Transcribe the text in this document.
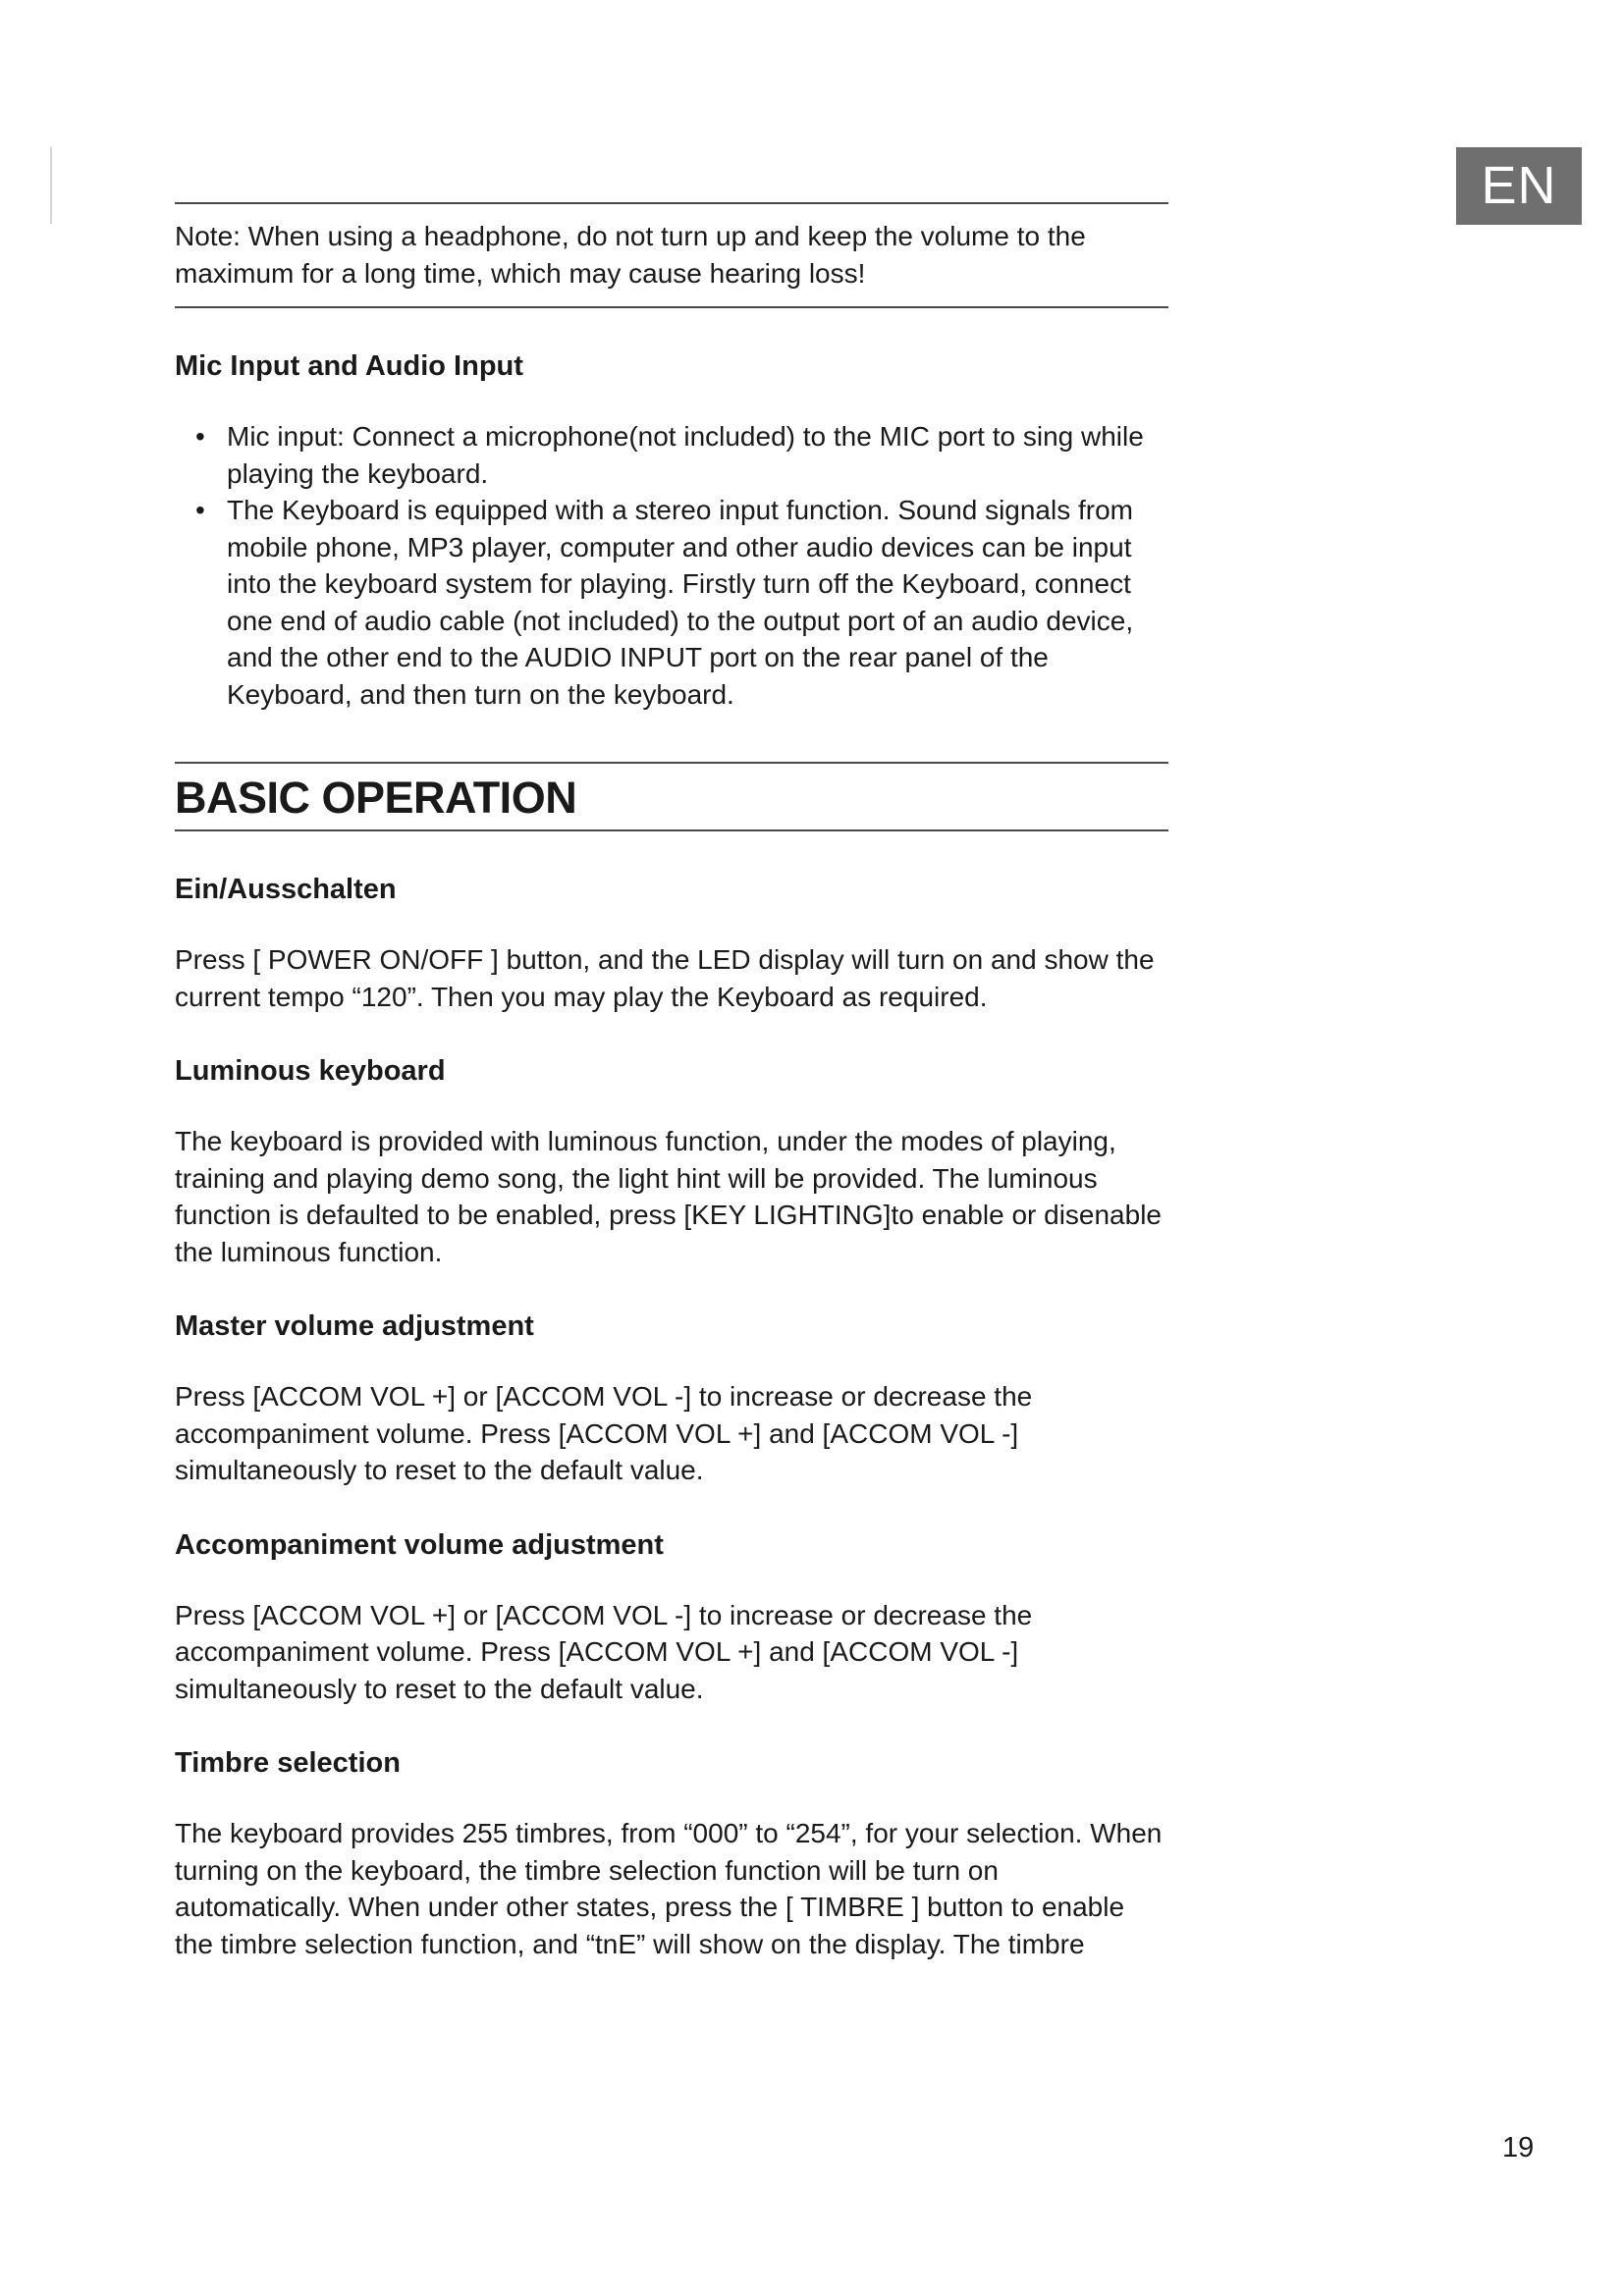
EN
Note: When using a headphone, do not turn up and keep the volume to the maximum for a long time, which may cause hearing loss!
Mic Input and Audio Input
• Mic input: Connect a microphone(not included) to the MIC port to sing while playing the keyboard.
• The Keyboard is equipped with a stereo input function. Sound signals from mobile phone, MP3 player, computer and other audio devices can be input into the keyboard system for playing. Firstly turn off the Keyboard, connect one end of audio cable (not included) to the output port of an audio device, and the other end to the AUDIO INPUT port on the rear panel of the Keyboard, and then turn on the keyboard.
BASIC OPERATION
Ein/Ausschalten

Press [ POWER ON/OFF ] button, and the LED display will turn on and show the current tempo “120”. Then you may play the Keyboard as required.

Luminous keyboard

The keyboard is provided with luminous function, under the modes of playing, training and playing demo song, the light hint will be provided. The luminous function is defaulted to be enabled, press [KEY LIGHTING]to enable or disenable the luminous function.

Master volume adjustment

Press [ACCOM VOL +] or [ACCOM VOL -] to increase or decrease the accompaniment volume. Press [ACCOM VOL +] and [ACCOM VOL -] simultaneously to reset to the default value.

Accompaniment volume adjustment

Press [ACCOM VOL +] or [ACCOM VOL -] to increase or decrease the accompaniment volume. Press [ACCOM VOL +] and [ACCOM VOL -] simultaneously to reset to the default value.

Timbre selection

The keyboard provides 255 timbres, from “000” to “254”, for your selection. When turning on the keyboard, the timbre selection function will be turn on automatically. When under other states, press the [ TIMBRE ] button to enable the timbre selection function, and “tnE” will show on the display. The timbre

19
